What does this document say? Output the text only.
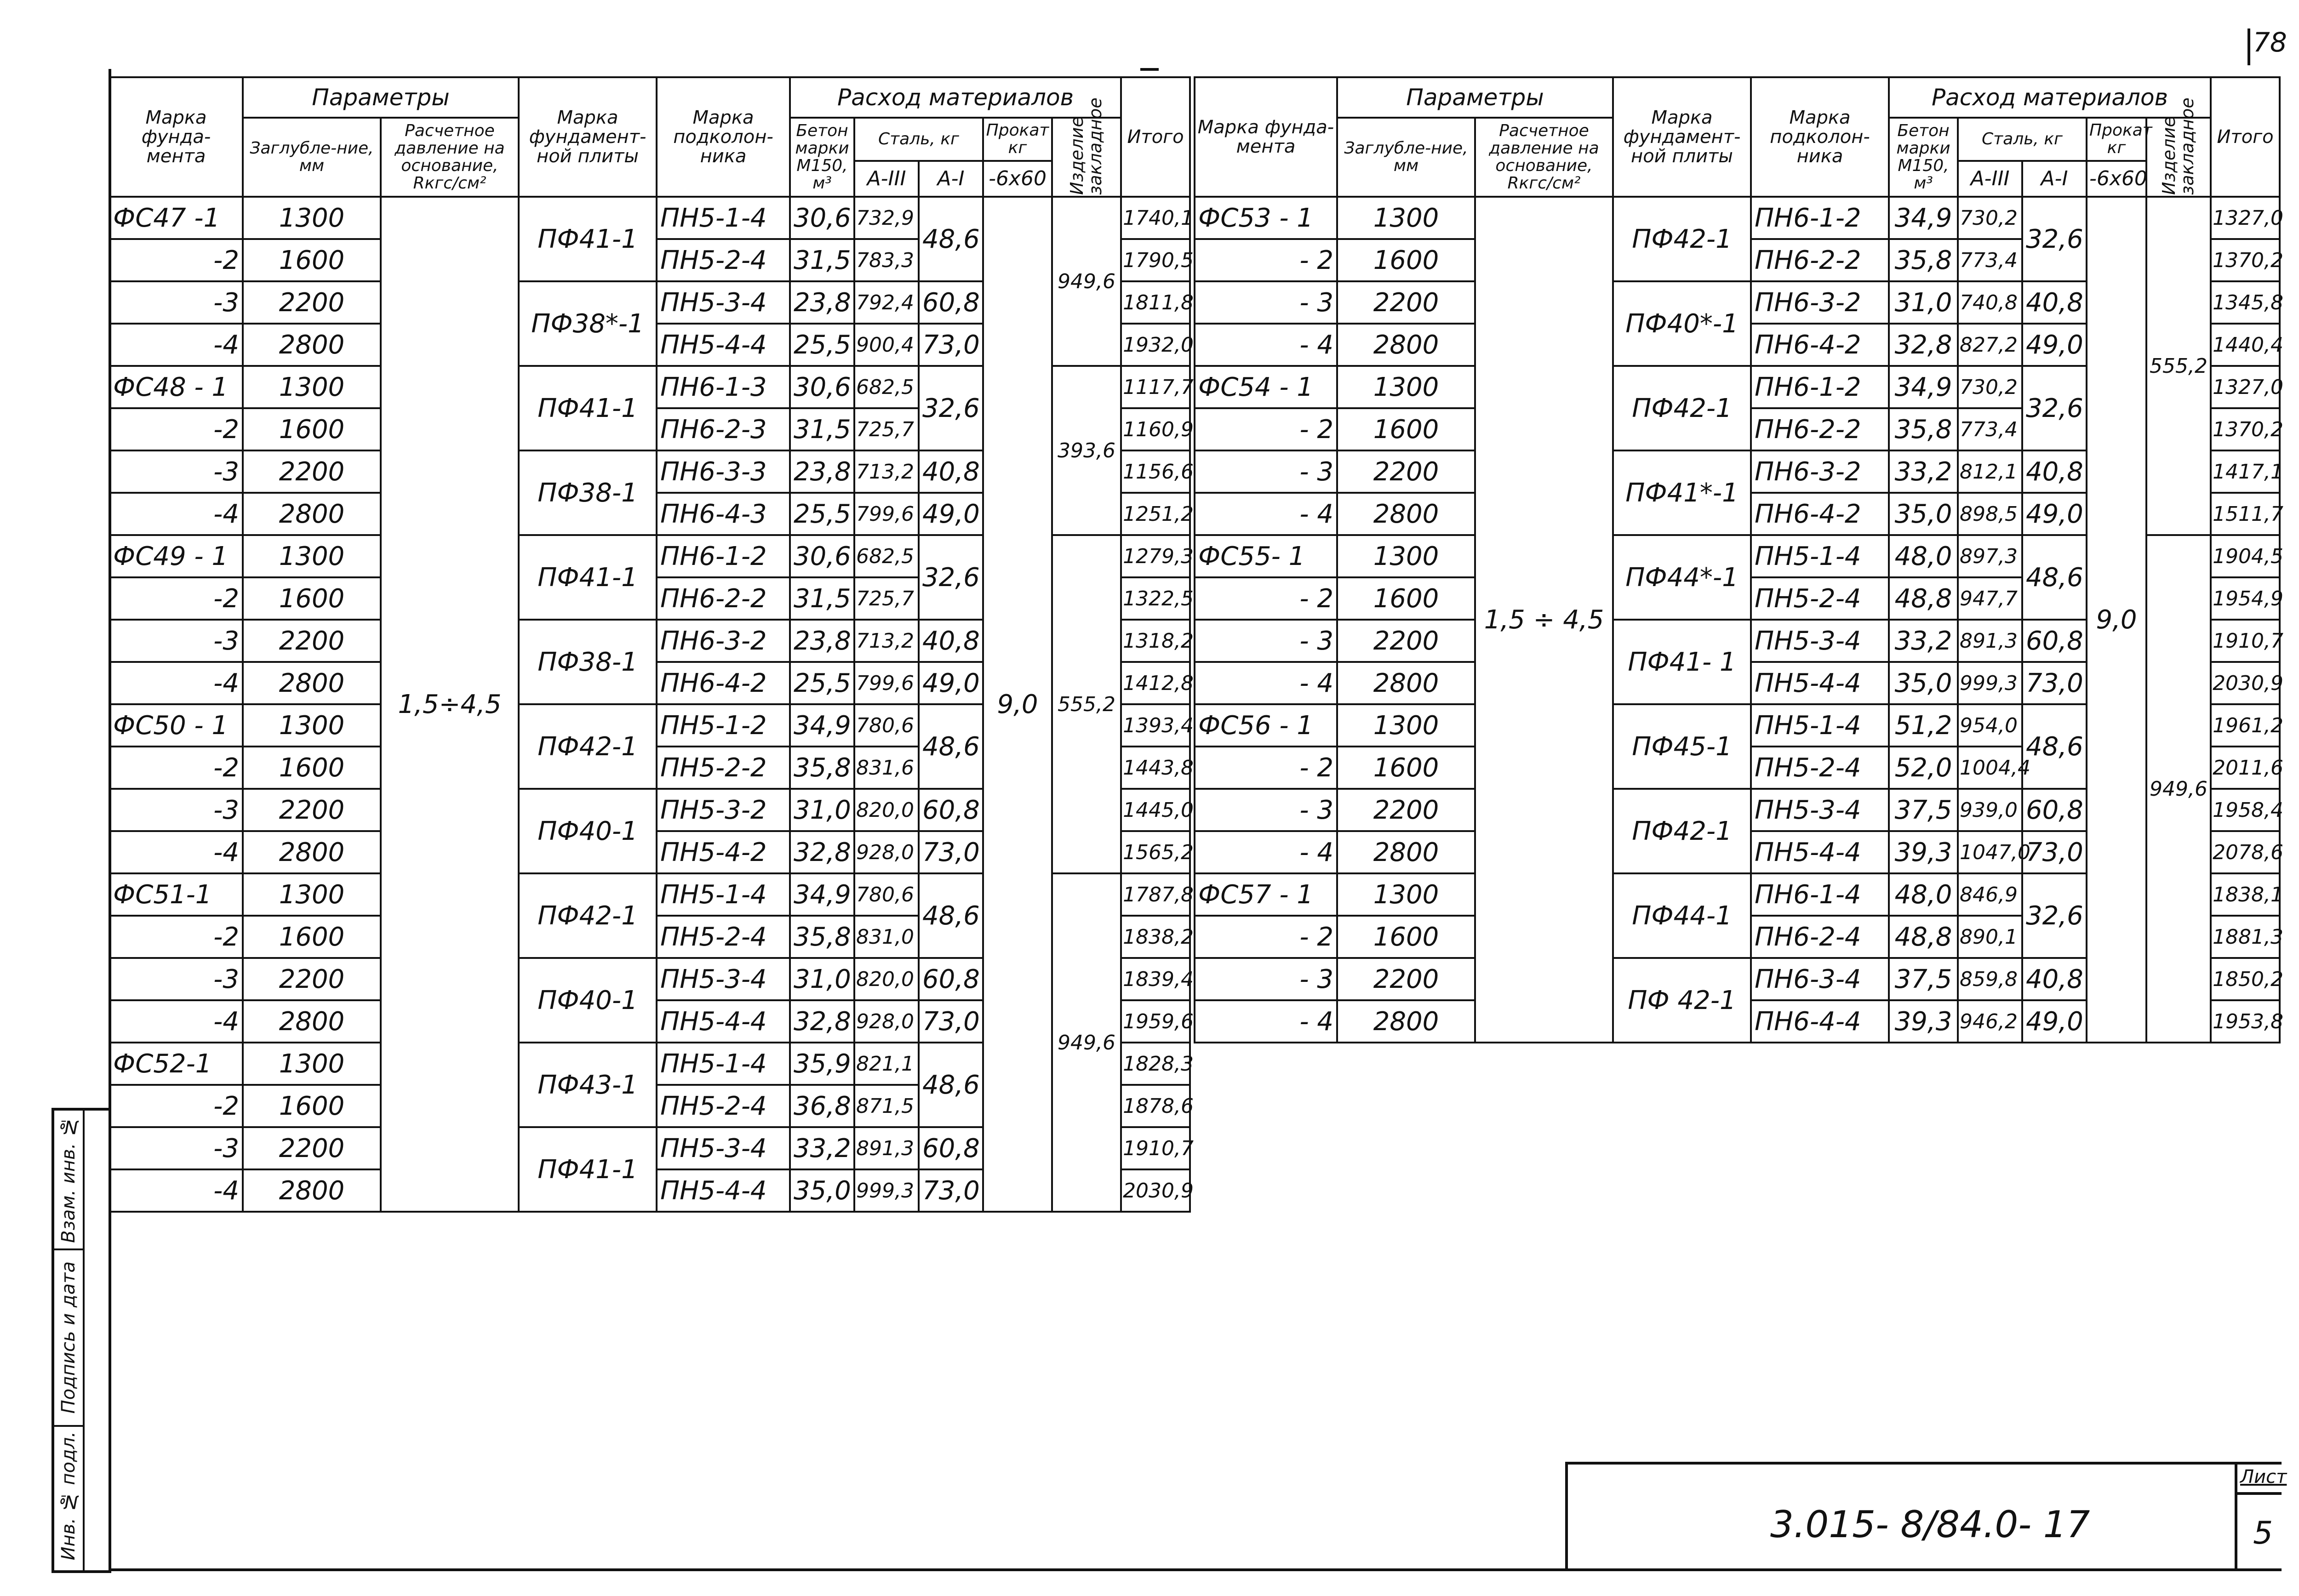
78
Марка фунда-мента	Параметры		Марка фундамент-ной плиты	Марка подколон-ника	Расход материалов					Итого
	Заглубле-ние, мм	Расчетное давление на основание, Rкгс/см²			Бетон марки М150, м³	Сталь, кг		Прокат кг	Изделие закладное	
						А-III	А-I	-6х60		
ФС47 -1	1300	1,5÷4,5	ПФ41-1	ПН5-1-4	30,6	732,9	48,6	9,0	949,6	1740,1
-2	1600			ПН5-2-4	31,5	783,3				1790,5
-3	2200		ПФ38*-1	ПН5-3-4	23,8	792,4	60,8			1811,8
-4	2800			ПН5-4-4	25,5	900,4	73,0			1932,0
ФС48 - 1	1300		ПФ41-1	ПН6-1-3	30,6	682,5	32,6		393,6	1117,7
-2	1600			ПН6-2-3	31,5	725,7				1160,9
-3	2200		ПФ38-1	ПН6-3-3	23,8	713,2	40,8			1156,6
-4	2800			ПН6-4-3	25,5	799,6	49,0			1251,2
ФС49 - 1	1300		ПФ41-1	ПН6-1-2	30,6	682,5	32,6		555,2	1279,3
-2	1600			ПН6-2-2	31,5	725,7				1322,5
-3	2200		ПФ38-1	ПН6-3-2	23,8	713,2	40,8			1318,2
-4	2800			ПН6-4-2	25,5	799,6	49,0			1412,8
ФС50 - 1	1300		ПФ42-1	ПН5-1-2	34,9	780,6	48,6			1393,4
-2	1600			ПН5-2-2	35,8	831,6				1443,8
-3	2200		ПФ40-1	ПН5-3-2	31,0	820,0	60,8			1445,0
-4	2800			ПН5-4-2	32,8	928,0	73,0			1565,2
ФС51-1	1300		ПФ42-1	ПН5-1-4	34,9	780,6	48,6		949,6	1787,8
-2	1600			ПН5-2-4	35,8	831,0				1838,2
-3	2200		ПФ40-1	ПН5-3-4	31,0	820,0	60,8			1839,4
-4	2800			ПН5-4-4	32,8	928,0	73,0			1959,6
ФС52-1	1300		ПФ43-1	ПН5-1-4	35,9	821,1	48,6			1828,3
-2	1600			ПН5-2-4	36,8	871,5				1878,6
-3	2200		ПФ41-1	ПН5-3-4	33,2	891,3	60,8			1910,7
-4	2800			ПН5-4-4	35,0	999,3	73,0			2030,9
Марка фунда-мента	Параметры		Марка фундамент-ной плиты	Марка подколон-ника	Расход материалов					Итого
	Заглубле-ние, мм	Расчетное давление на основание, Rкгс/см²			Бетон марки М150, м³	Сталь, кг		Прокат кг	Изделие закладное	
						А-III	А-I	-6х60		
ФС53 - 1	1300	1,5 ÷ 4,5	ПФ42-1	ПН6-1-2	34,9	730,2	32,6	9,0	555,2	1327,0
- 2	1600			ПН6-2-2	35,8	773,4				1370,2
- 3	2200		ПФ40*-1	ПН6-3-2	31,0	740,8	40,8			1345,8
- 4	2800			ПН6-4-2	32,8	827,2	49,0			1440,4
ФС54 - 1	1300		ПФ42-1	ПН6-1-2	34,9	730,2	32,6			1327,0
- 2	1600			ПН6-2-2	35,8	773,4				1370,2
- 3	2200		ПФ41*-1	ПН6-3-2	33,2	812,1	40,8			1417,1
- 4	2800			ПН6-4-2	35,0	898,5	49,0			1511,7
ФС55- 1	1300		ПФ44*-1	ПН5-1-4	48,0	897,3	48,6		949,6	1904,5
- 2	1600			ПН5-2-4	48,8	947,7				1954,9
- 3	2200		ПФ41- 1	ПН5-3-4	33,2	891,3	60,8			1910,7
- 4	2800			ПН5-4-4	35,0	999,3	73,0			2030,9
ФС56 - 1	1300		ПФ45-1	ПН5-1-4	51,2	954,0	48,6			1961,2
- 2	1600			ПН5-2-4	52,0	1004,4				2011,6
- 3	2200		ПФ42-1	ПН5-3-4	37,5	939,0	60,8			1958,4
- 4	2800			ПН5-4-4	39,3	1047,0	73,0			2078,6
ФС57 - 1	1300		ПФ44-1	ПН6-1-4	48,0	846,9	32,6			1838,1
- 2	1600			ПН6-2-4	48,8	890,1				1881,3
- 3	2200		ПФ 42-1	ПН6-3-4	37,5	859,8	40,8			1850,2
- 4	2800			ПН6-4-4	39,3	946,2	49,0			1953,8
Взам. инв. №
Подпись и дата
Инв. № подл.	3.015- 8/84.0- 17
Лист
5
